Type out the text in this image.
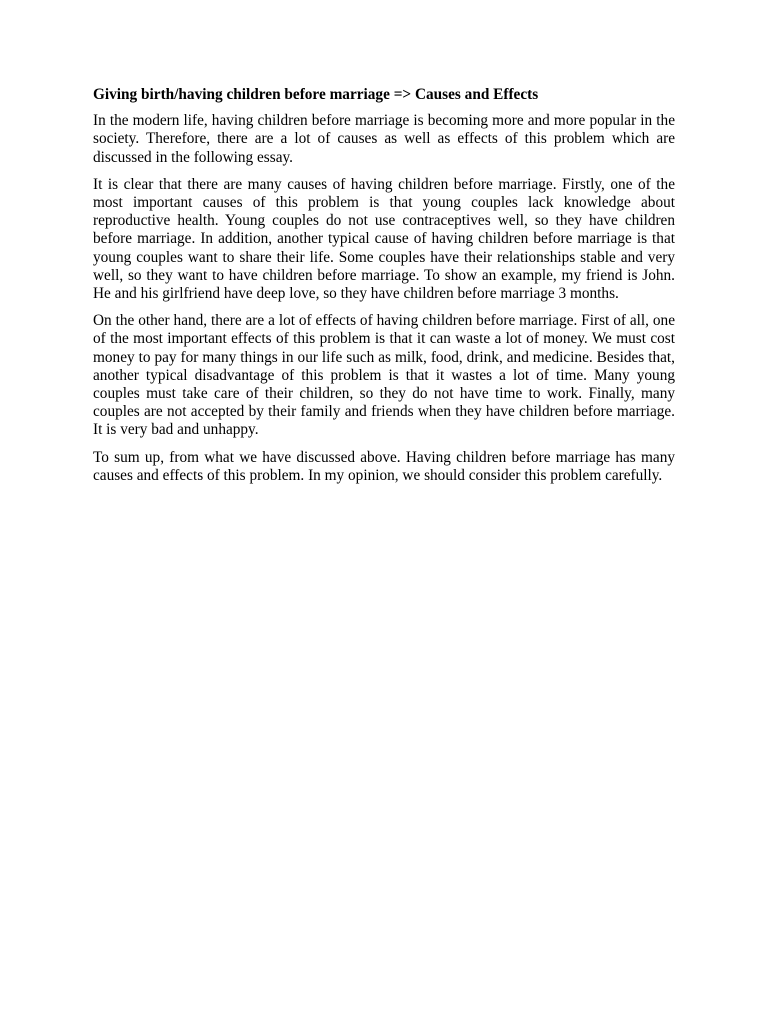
Giving birth/having children before marriage => Causes and Effects

In the modern life, having children before marriage is becoming more and more popular in the society. Therefore, there are a lot of causes as well as effects of this problem which are discussed in the following essay.

It is clear that there are many causes of having children before marriage. Firstly, one of the most important causes of this problem is that young couples lack knowledge about reproductive health. Young couples do not use contraceptives well, so they have children before marriage. In addition, another typical cause of having children before marriage is that young couples want to share their life. Some couples have their relationships stable and very well, so they want to have children before marriage. To show an example, my friend is John. He and his girlfriend have deep love, so they have children before marriage 3 months.

On the other hand, there are a lot of effects of having children before marriage. First of all, one of the most important effects of this problem is that it can waste a lot of money. We must cost money to pay for many things in our life such as milk, food, drink, and medicine. Besides that, another typical disadvantage of this problem is that it wastes a lot of time. Many young couples must take care of their children, so they do not have time to work. Finally, many couples are not accepted by their family and friends when they have children before marriage. It is very bad and unhappy.

To sum up, from what we have discussed above. Having children before marriage has many causes and effects of this problem. In my opinion, we should consider this problem carefully.
